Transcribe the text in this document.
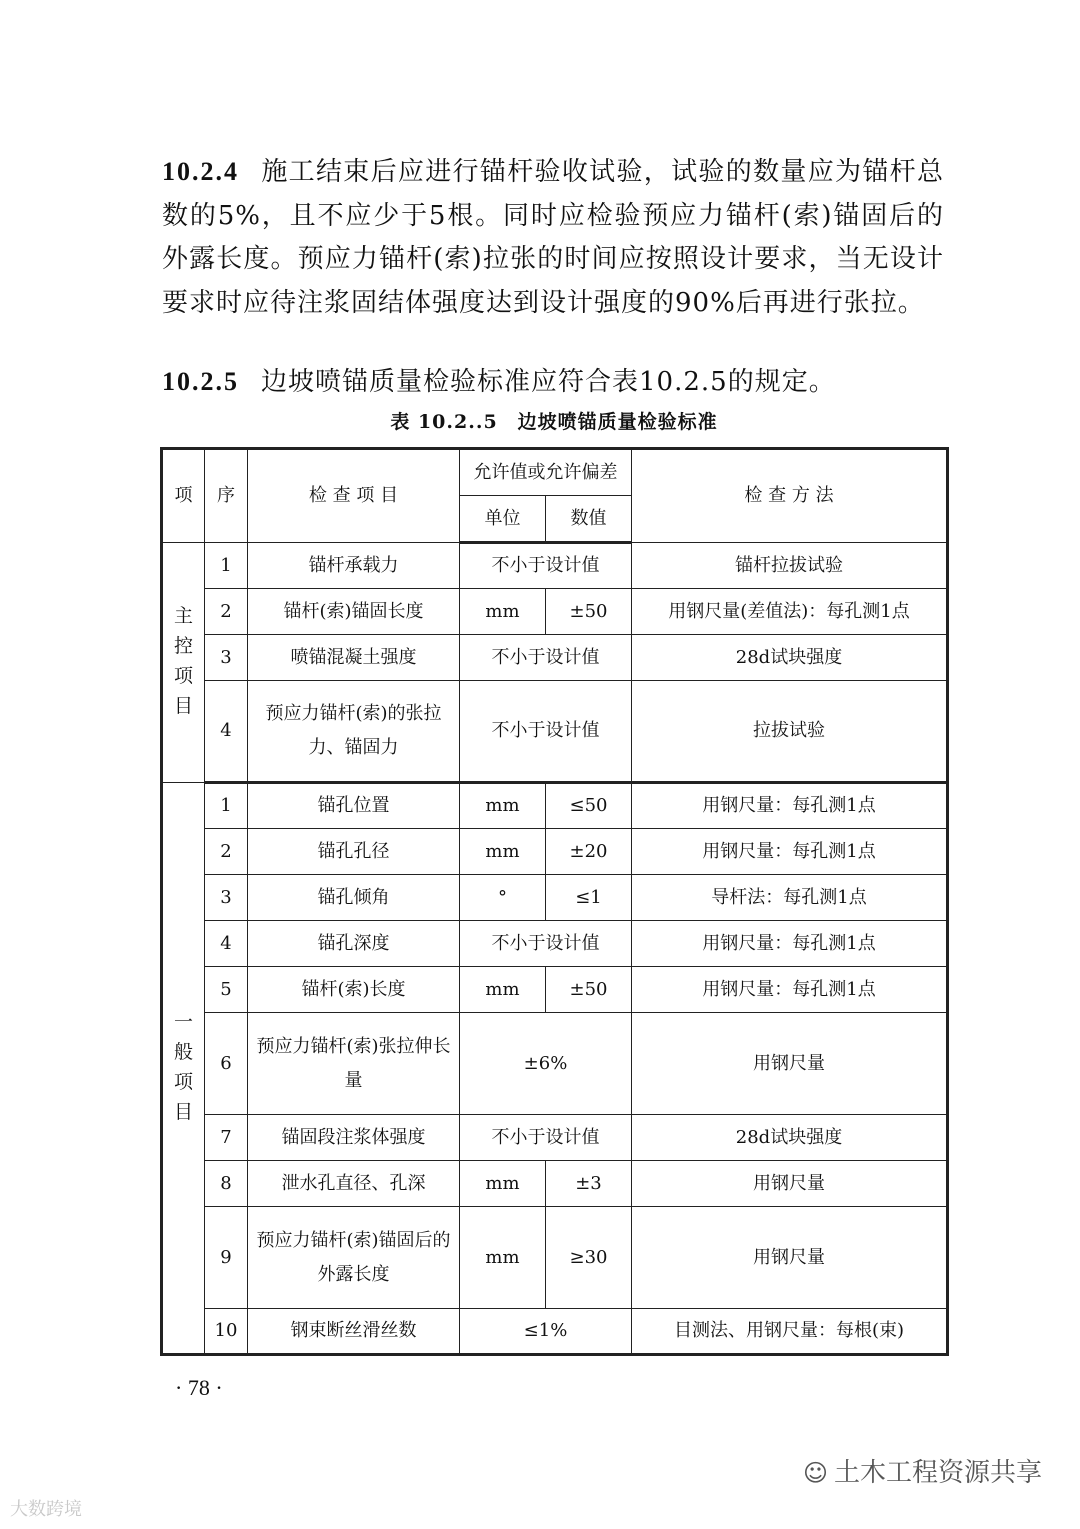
10.2.4 施工结束后应进行锚杆验收试验，试验的数量应为锚杆总数的5%，且不应少于5根。同时应检验预应力锚杆(索)锚固后的外露长度。预应力锚杆(索)拉张的时间应按照设计要求，当无设计要求时应待注浆固结体强度达到设计强度的90%后再进行张拉。
10.2.5 边坡喷锚质量检验标准应符合表10.2.5的规定。
表 10.2..5　边坡喷锚质量检验标准
项	序	检 查 项 目	允许值或允许偏差		检 查 方 法
			单位	数值	
主控项目	1	锚杆承载力	不小于设计值		锚杆拉拔试验
	2	锚杆(索)锚固长度	mm	±50	用钢尺量(差值法)：每孔测1点
	3	喷锚混凝土强度	不小于设计值		28d试块强度
	4	预应力锚杆(索)的张拉力、锚固力	不小于设计值		拉拔试验
一般项目	1	锚孔位置	mm	≤50	用钢尺量：每孔测1点
	2	锚孔孔径	mm	±20	用钢尺量：每孔测1点
	3	锚孔倾角	°	≤1	导杆法：每孔测1点
	4	锚孔深度	不小于设计值		用钢尺量：每孔测1点
	5	锚杆(索)长度	mm	±50	用钢尺量：每孔测1点
	6	预应力锚杆(索)张拉伸长量	±6%		用钢尺量
	7	锚固段注浆体强度	不小于设计值		28d试块强度
	8	泄水孔直径、孔深	mm	±3	用钢尺量
	9	预应力锚杆(索)锚固后的外露长度	mm	≥30	用钢尺量
	10	钢束断丝滑丝数	≤1%		目测法、用钢尺量：每根(束)
· 78 ·
大数跨境
☺ 土木工程资源共享
